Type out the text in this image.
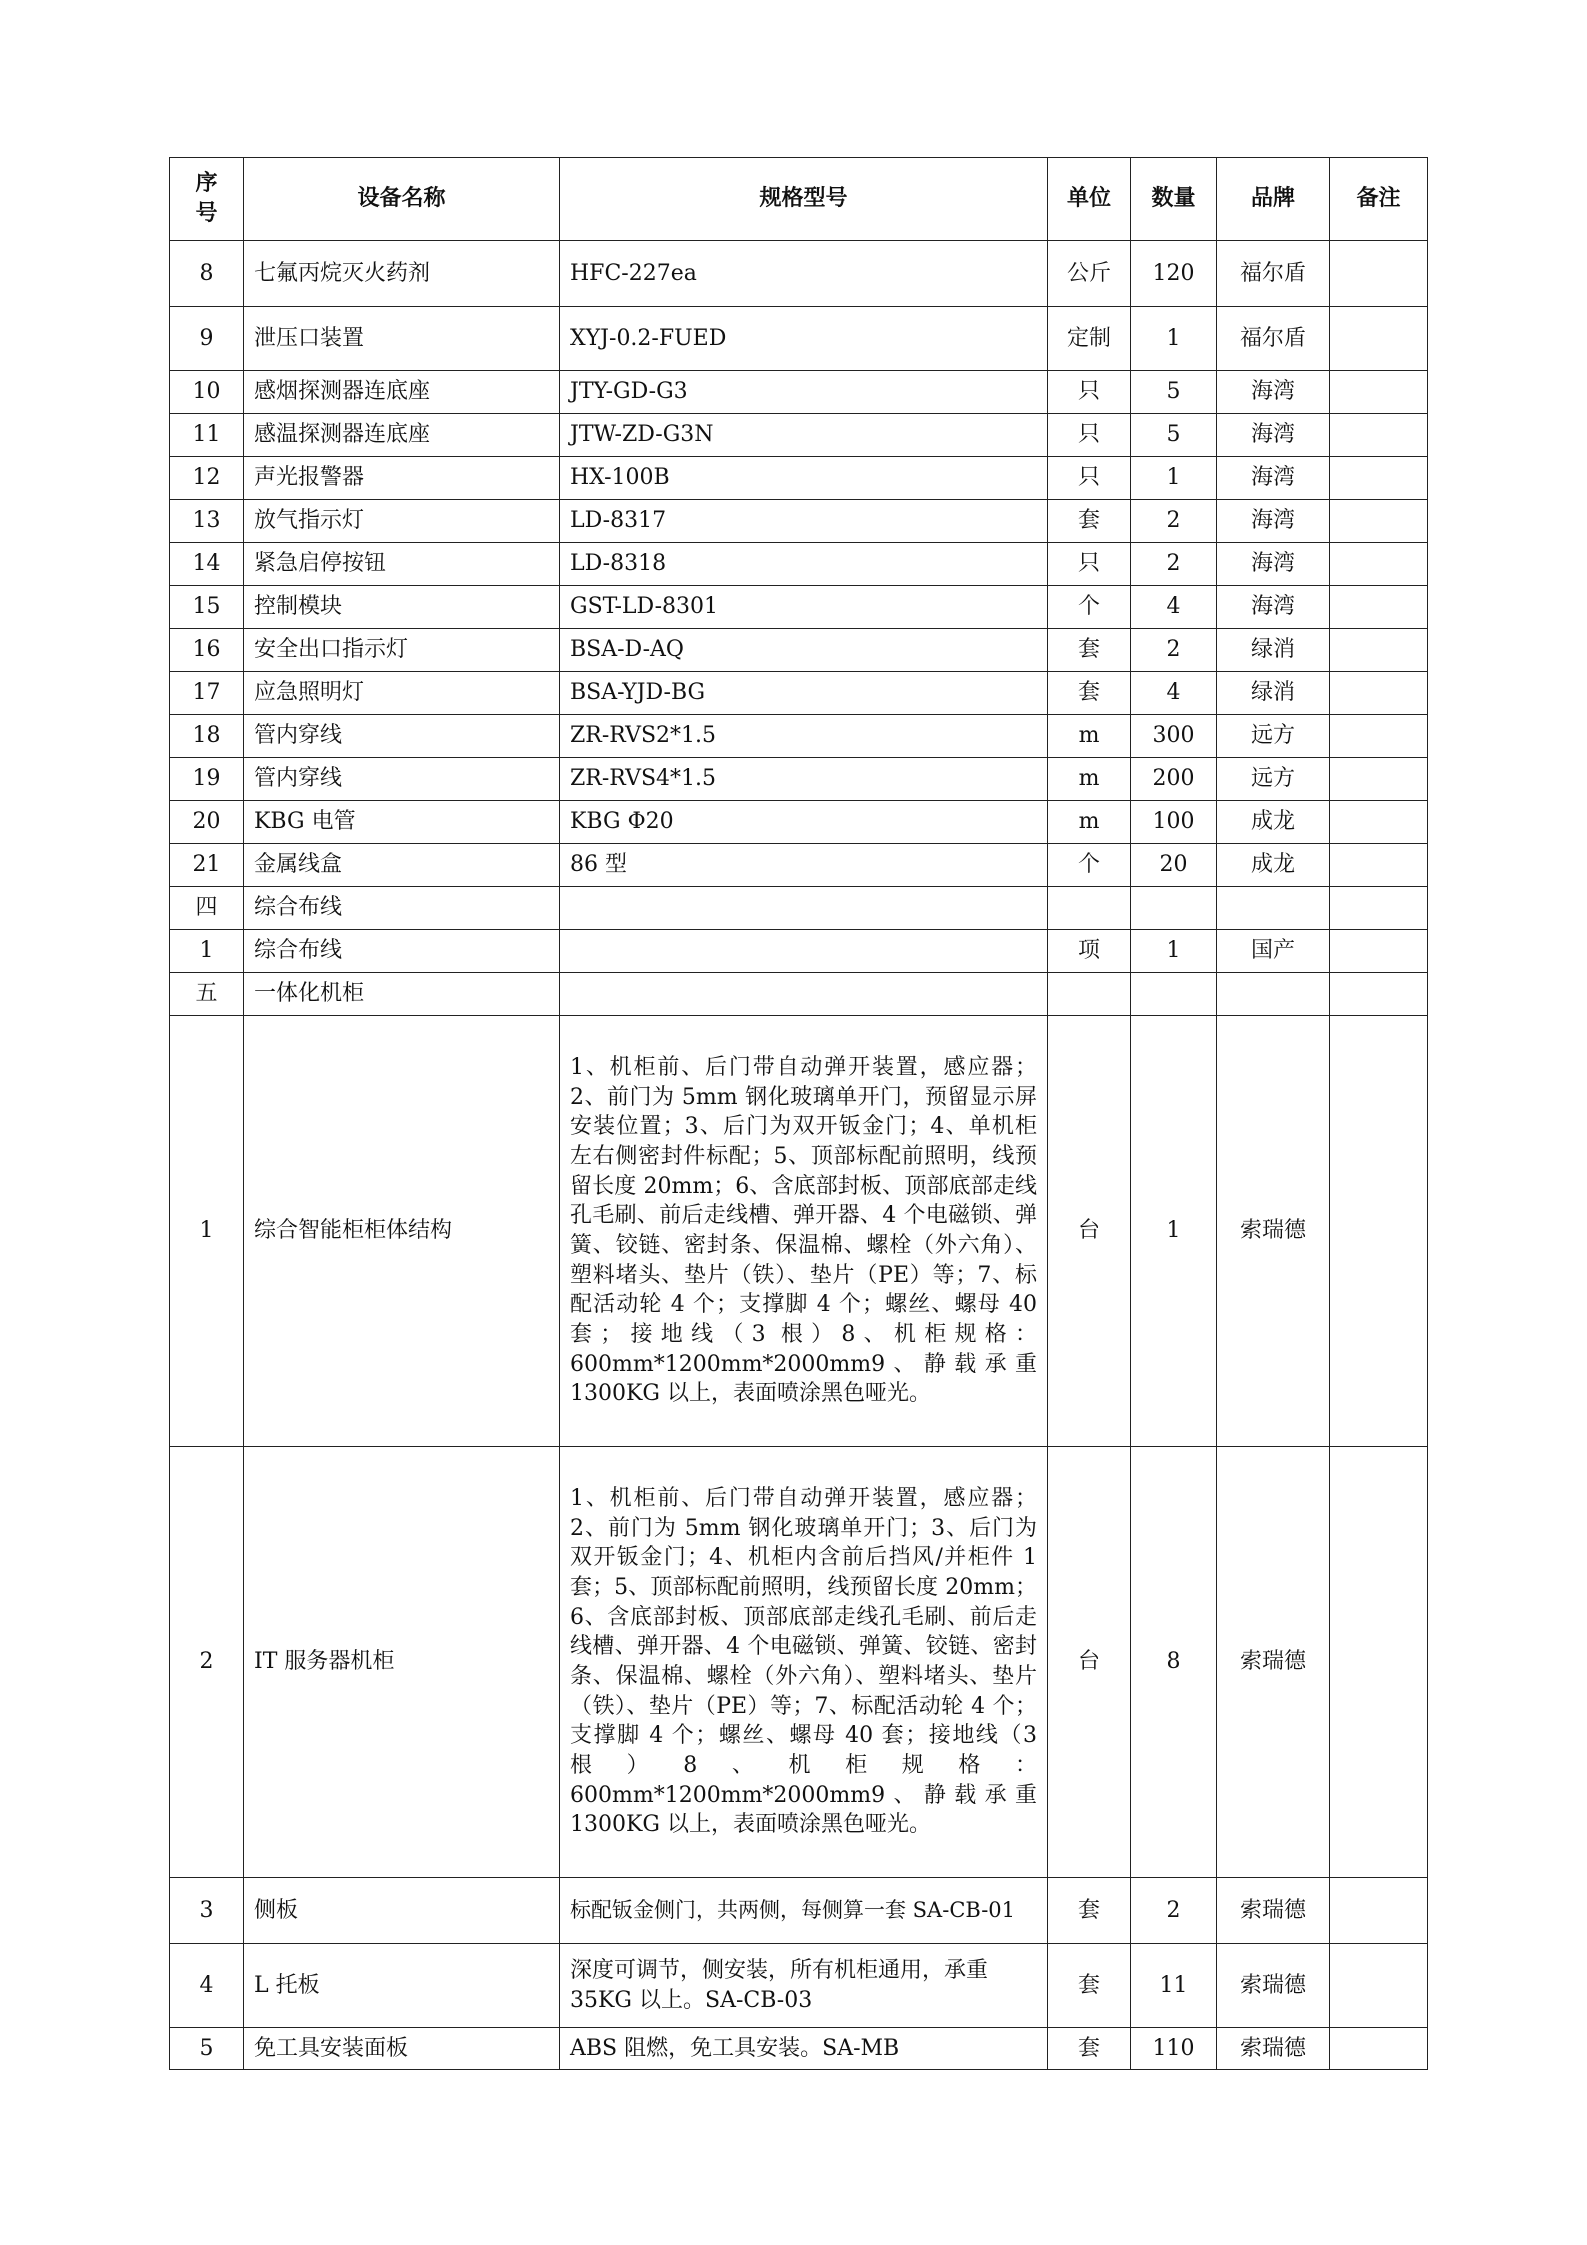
序
号	设备名称	规格型号	单位	数量	品牌	备注
8	七氟丙烷灭火药剂	HFC-227ea	公斤	120	福尔盾	
9	泄压口装置	XYJ-0.2-FUED	定制	1	福尔盾	
10	感烟探测器连底座	JTY-GD-G3	只	5	海湾	
11	感温探测器连底座	JTW-ZD-G3N	只	5	海湾	
12	声光报警器	HX-100B	只	1	海湾	
13	放气指示灯	LD-8317	套	2	海湾	
14	紧急启停按钮	LD-8318	只	2	海湾	
15	控制模块	GST-LD-8301	个	4	海湾	
16	安全出口指示灯	BSA-D-AQ	套	2	绿消	
17	应急照明灯	BSA-YJD-BG	套	4	绿消	
18	管内穿线	ZR-RVS2*1.5	m	300	远方	
19	管内穿线	ZR-RVS4*1.5	m	200	远方	
20	KBG 电管	KBG Φ20	m	100	成龙	
21	金属线盒	86 型	个	20	成龙	
四	综合布线					
1	综合布线		项	1	国产	
五	一体化机柜					
1	综合智能柜柜体结构	1、机柜前、后门带自动弹开装置，感应器；2、前门为 5mm 钢化玻璃单开门，预留显示屏安装位置；3、后门为双开钣金门；4、单机柜左右侧密封件标配；5、顶部标配前照明，线预留长度 20mm；6、含底部封板、顶部底部走线孔毛刷、前后走线槽、弹开器、4 个电磁锁、弹簧、铰链、密封条、保温棉、螺栓（外六角）、塑料堵头、垫片（铁）、垫片（PE）等；7、标配活动轮 4 个；支撑脚 4 个；螺丝、螺母 40 套；接地线（3 根）8、机柜规格：600mm*1200mm*2000mm9、静载承重 1300KG 以上，表面喷涂黑色哑光。	台	1	索瑞德	
2	IT 服务器机柜	1、机柜前、后门带自动弹开装置，感应器；2、前门为 5mm 钢化玻璃单开门；3、后门为双开钣金门；4、机柜内含前后挡风/并柜件 1 套；5、顶部标配前照明，线预留长度 20mm；6、含底部封板、顶部底部走线孔毛刷、前后走线槽、弹开器、4 个电磁锁、弹簧、铰链、密封条、保温棉、螺栓（外六角）、塑料堵头、垫片（铁）、垫片（PE）等；7、标配活动轮 4 个；支撑脚 4 个；螺丝、螺母 40 套；接地线（3 根）8、机柜规格：600mm*1200mm*2000mm9、静载承重 1300KG 以上，表面喷涂黑色哑光。	台	8	索瑞德	
3	侧板	标配钣金侧门，共两侧，每侧算一套 SA-CB-01	套	2	索瑞德	
4	L 托板	深度可调节，侧安装，所有机柜通用，承重 35KG 以上。SA-CB-03	套	11	索瑞德	
5	免工具安装面板	ABS 阻燃，免工具安装。SA-MB	套	110	索瑞德	
